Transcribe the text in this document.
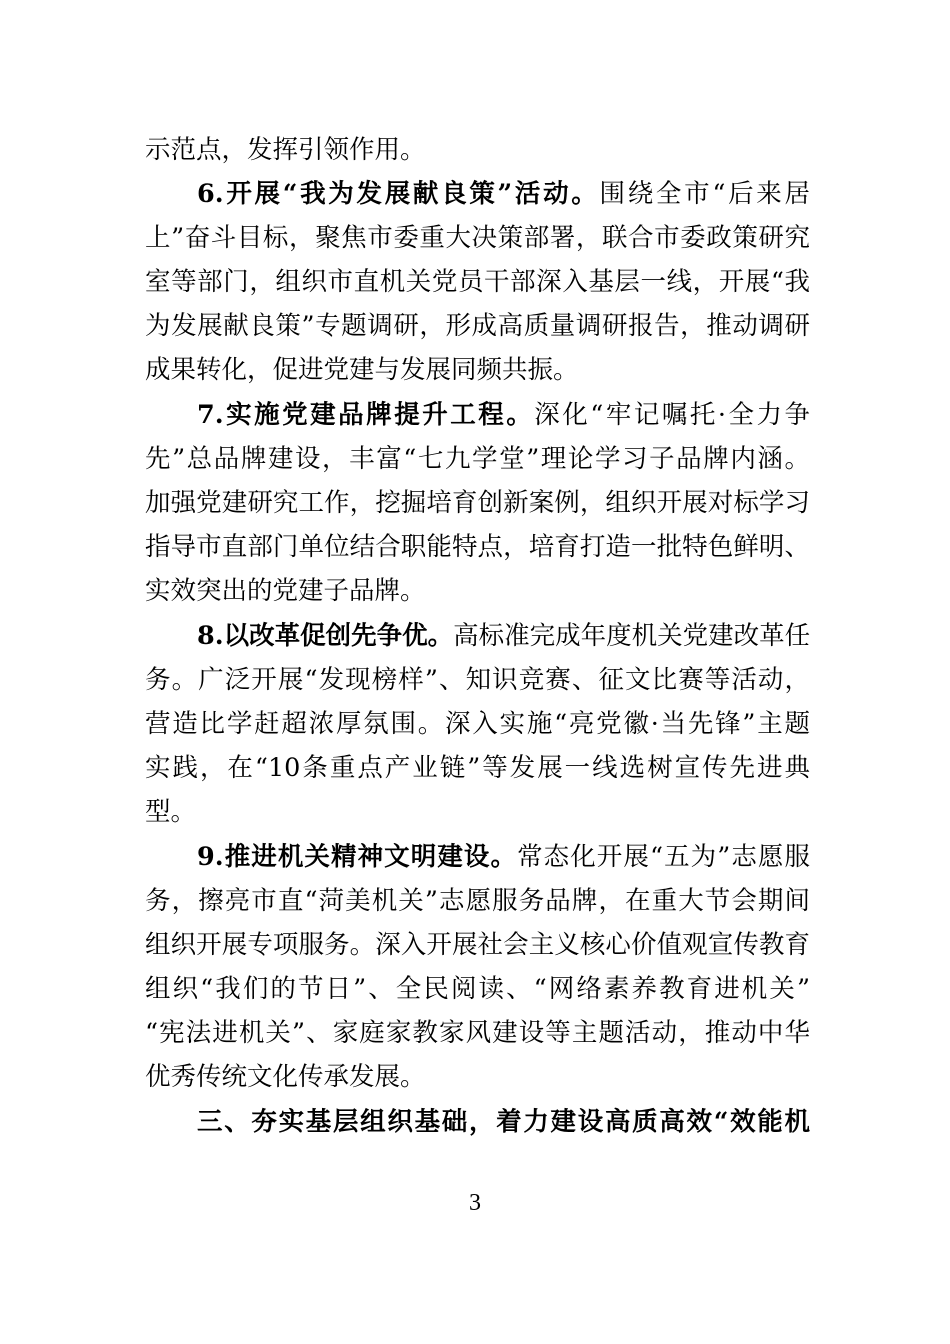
示范点，发挥引领作用。
6.开展“我为发展献良策”活动。围绕全市“后来居
上”奋斗目标，聚焦市委重大决策部署，联合市委政策研究
室等部门，组织市直机关党员干部深入基层一线，开展“我
为发展献良策”专题调研，形成高质量调研报告，推动调研
成果转化，促进党建与发展同频共振。
7.实施党建品牌提升工程。深化“牢记嘱托·全力争
先”总品牌建设，丰富“七九学堂”理论学习子品牌内涵。
加强党建研究工作，挖掘培育创新案例，组织开展对标学习
指导市直部门单位结合职能特点，培育打造一批特色鲜明、
实效突出的党建子品牌。
8.以改革促创先争优。高标准完成年度机关党建改革任
务。广泛开展“发现榜样”、知识竞赛、征文比赛等活动，
营造比学赶超浓厚氛围。深入实施“亮党徽·当先锋”主题
实践，在“10条重点产业链”等发展一线选树宣传先进典
型。
9.推进机关精神文明建设。常态化开展“五为”志愿服
务，擦亮市直“菏美机关”志愿服务品牌，在重大节会期间
组织开展专项服务。深入开展社会主义核心价值观宣传教育
组织“我们的节日”、全民阅读、“网络素养教育进机关”
“宪法进机关”、家庭家教家风建设等主题活动，推动中华
优秀传统文化传承发展。
三、夯实基层组织基础，着力建设高质高效“效能机
3
